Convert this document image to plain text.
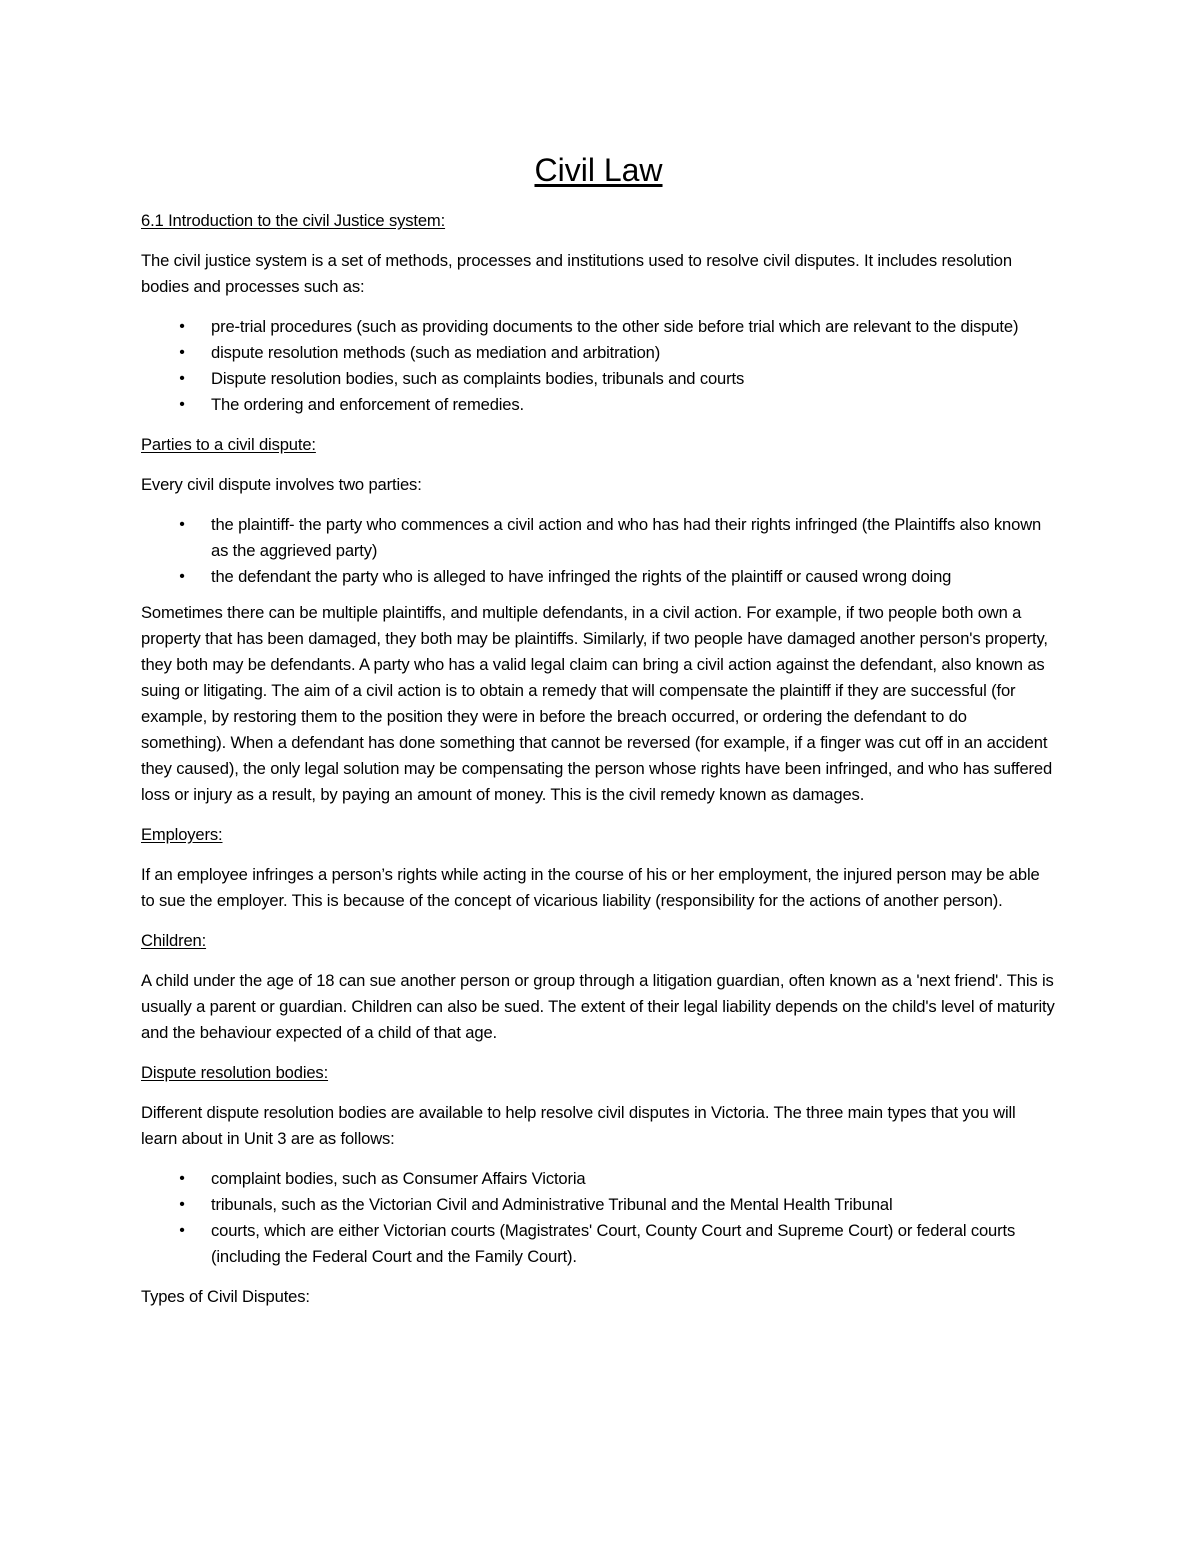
Civil Law
6.1 Introduction to the civil Justice system:

The civil justice system is a set of methods, processes and institutions used to resolve civil disputes. It includes resolution bodies and processes such as:

• pre-trial procedures (such as providing documents to the other side before trial which are relevant to the dispute)
• dispute resolution methods (such as mediation and arbitration)
• Dispute resolution bodies, such as complaints bodies, tribunals and courts
• The ordering and enforcement of remedies.
Parties to a civil dispute:

Every civil dispute involves two parties:

• the plaintiff- the party who commences a civil action and who has had their rights infringed (the Plaintiffs also known as the aggrieved party)
• the defendant the party who is alleged to have infringed the rights of the plaintiff or caused wrong doing

Sometimes there can be multiple plaintiffs, and multiple defendants, in a civil action. For example, if two people both own a property that has been damaged, they both may be plaintiffs. Similarly, if two people have damaged another person's property, they both may be defendants. A party who has a valid legal claim can bring a civil action against the defendant, also known as suing or litigating. The aim of a civil action is to obtain a remedy that will compensate the plaintiff if they are successful (for example, by restoring them to the position they were in before the breach occurred, or ordering the defendant to do something). When a defendant has done something that cannot be reversed (for example, if a finger was cut off in an accident they caused), the only legal solution may be compensating the person whose rights have been infringed, and who has suffered loss or injury as a result, by paying an amount of money. This is the civil remedy known as damages.

Employers:

If an employee infringes a person’s rights while acting in the course of his or her employment, the injured person may be able to sue the employer. This is because of the concept of vicarious liability (responsibility for the actions of another person).

Children:

A child under the age of 18 can sue another person or group through a litigation guardian, often known as a 'next friend'. This is usually a parent or guardian. Children can also be sued. The extent of their legal liability depends on the child's level of maturity and the behaviour expected of a child of that age.

Dispute resolution bodies:

Different dispute resolution bodies are available to help resolve civil disputes in Victoria. The three main types that you will learn about in Unit 3 are as follows:

• complaint bodies, such as Consumer Affairs Victoria
• tribunals, such as the Victorian Civil and Administrative Tribunal and the Mental Health Tribunal
• courts, which are either Victorian courts (Magistrates' Court, County Court and Supreme Court) or federal courts (including the Federal Court and the Family Court).
Types of Civil Disputes:
